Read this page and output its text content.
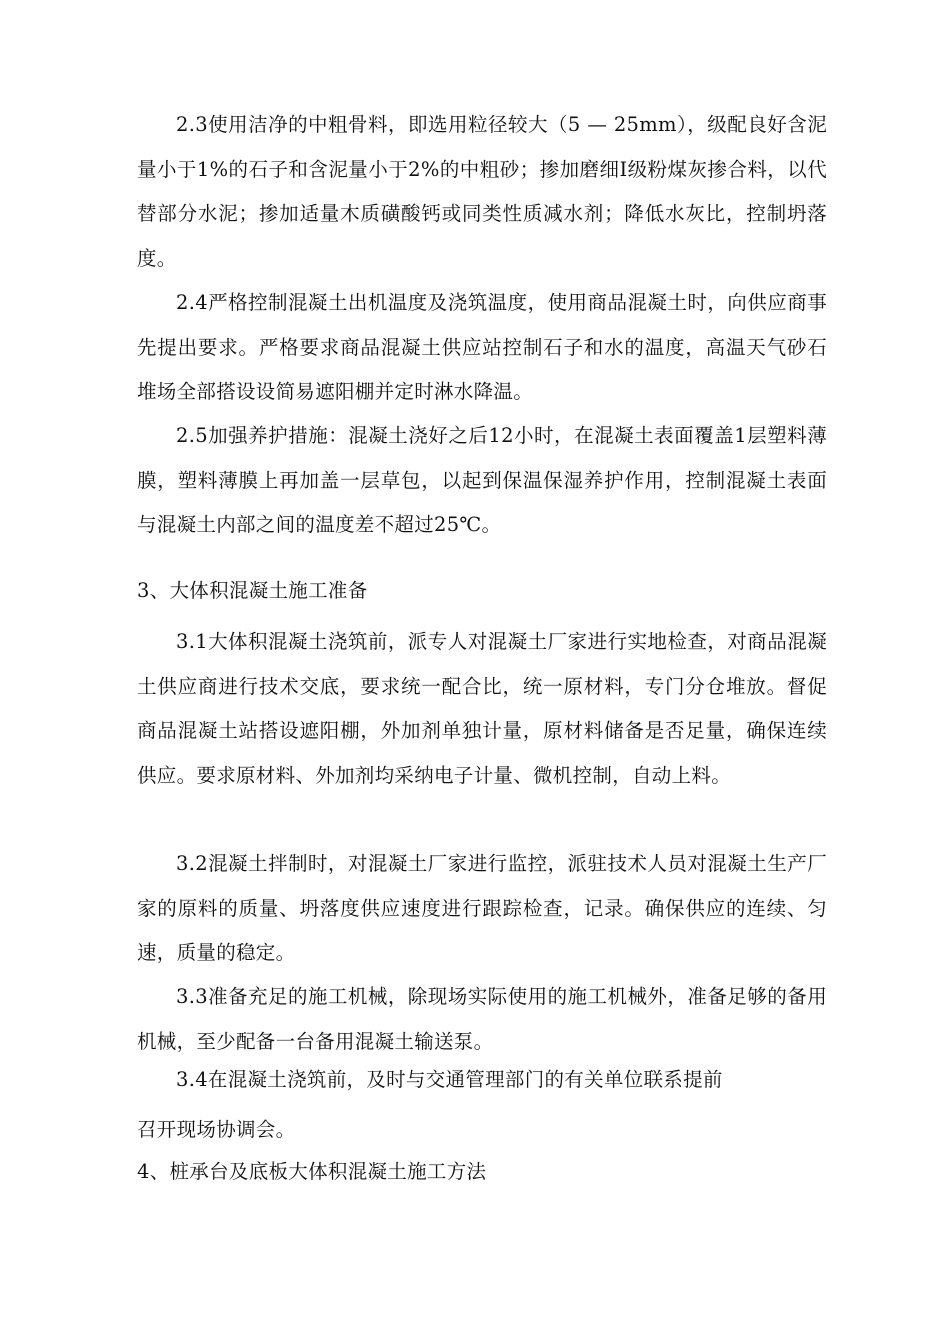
2.3使用洁净的中粗骨料，即选用粒径较大（5 — 25mm），级配良好含泥量小于1%的石子和含泥量小于2%的中粗砂；掺加磨细Ⅰ级粉煤灰掺合料，以代替部分水泥；掺加适量木质磺酸钙或同类性质减水剂；降低水灰比，控制坍落度。

2.4严格控制混凝土出机温度及浇筑温度，使用商品混凝土时，向供应商事先提出要求。严格要求商品混凝土供应站控制石子和水的温度，高温天气砂石堆场全部搭设设简易遮阳棚并定时淋水降温。

2.5加强养护措施：混凝土浇好之后12小时，在混凝土表面覆盖1层塑料薄膜，塑料薄膜上再加盖一层草包，以起到保温保湿养护作用，控制混凝土表面与混凝土内部之间的温度差不超过25℃。

3、大体积混凝土施工准备

3.1大体积混凝土浇筑前，派专人对混凝土厂家进行实地检查，对商品混凝土供应商进行技术交底，要求统一配合比，统一原材料，专门分仓堆放。督促商品混凝土站搭设遮阳棚，外加剂单独计量，原材料储备是否足量，确保连续供应。要求原材料、外加剂均采纳电子计量、微机控制，自动上料。

3.2混凝土拌制时，对混凝土厂家进行监控，派驻技术人员对混凝土生产厂家的原料的质量、坍落度供应速度进行跟踪检查，记录。确保供应的连续、匀速，质量的稳定。

3.3准备充足的施工机械，除现场实际使用的施工机械外，准备足够的备用机械，至少配备一台备用混凝土输送泵。

3.4在混凝土浇筑前，及时与交通管理部门的有关单位联系提前

召开现场协调会。

4、桩承台及底板大体积混凝土施工方法
